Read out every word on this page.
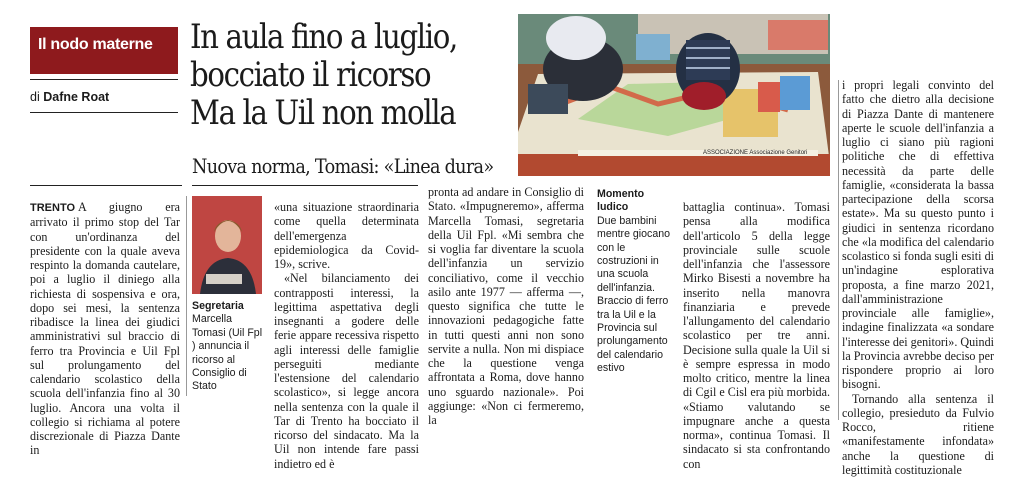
Il nodo materne
di Dafne Roat
In aula fino a luglio,
bocciato il ricorso
Ma la Uil non molla
Nuova norma, Tomasi: «Linea dura»
ASSOCIAZIONE Associazione Genitori

TRENTO A giugno era arrivato il primo stop del Tar con un'ordinanza del presidente con la quale aveva respinto la domanda cautelare, poi a luglio il diniego alla richiesta di sospensiva e ora, dopo sei mesi, la sentenza ribadisce la linea dei giudici amministrativi sul braccio di ferro tra Provincia e Uil Fpl sul prolungamento del calendario scolastico della scuola dell'infanzia fino al 30 luglio. Ancora una volta il collegio si richiama al potere discrezionale di Piazza Dante in

Segretaria
Marcella Tomasi (Uil Fpl ) annuncia il ricorso al Consiglio di Stato

«una situazione straordinaria come quella determinata dell'emergenza epidemiologica da Covid-19», scrive.

«Nel bilanciamento dei contrapposti interessi, la legittima aspettativa degli insegnanti a godere delle ferie appare recessiva rispetto agli interessi delle famiglie perseguiti mediante l'estensione del calendario scolastico», si legge ancora nella sentenza con la quale il Tar di Trento ha bocciato il ricorso del sindacato. Ma la Uil non intende fare passi indietro ed è

pronta ad andare in Consiglio di Stato. «Impugneremo», afferma Marcella Tomasi, segretaria della Uil Fpl. «Mi sembra che si voglia far diventare la scuola dell'infanzia un servizio conciliativo, come il vecchio asilo ante 1977 — afferma —, questo significa che tutte le innovazioni pedagogiche fatte in tutti questi anni non sono servite a nulla. Non mi dispiace che la questione venga affrontata a Roma, dove hanno uno sguardo nazionale». Poi aggiunge: «Non ci fermeremo, la

Momento ludico
Due bambini mentre giocano con le costruzioni in una scuola dell'infanzia. Braccio di ferro tra la Uil e la Provincia sul prolungamento del calendario estivo

battaglia continua». Tomasi pensa alla modifica dell'articolo 5 della legge provinciale sulle scuole dell'infanzia che l'assessore Mirko Bisesti a novembre ha inserito nella manovra finanziaria e prevede l'allungamento del calendario scolastico per tre anni. Decisione sulla quale la Uil si è sempre espressa in modo molto critico, mentre la linea di Cgil e Cisl era più morbida. «Stiamo valutando se impugnare anche a questa norma», continua Tomasi. Il sindacato si sta confrontando con

i propri legali convinto del fatto che dietro alla decisione di Piazza Dante di mantenere aperte le scuole dell'infanzia a luglio ci siano più ragioni politiche che di effettiva necessità da parte delle famiglie, «considerata la bassa partecipazione della scorsa estate». Ma su questo punto i giudici in sentenza ricordano che «la modifica del calendario scolastico si fonda sugli esiti di un'indagine esplorativa proposta, a fine marzo 2021, dall'amministrazione provinciale alle famiglie», indagine finalizzata «a sondare l'interesse dei genitori». Quindi la Provincia avrebbe deciso per rispondere proprio ai loro bisogni.

Tornando alla sentenza il collegio, presieduto da Fulvio Rocco, ritiene «manifestamente infondata» anche la questione di legittimità costituzionale
